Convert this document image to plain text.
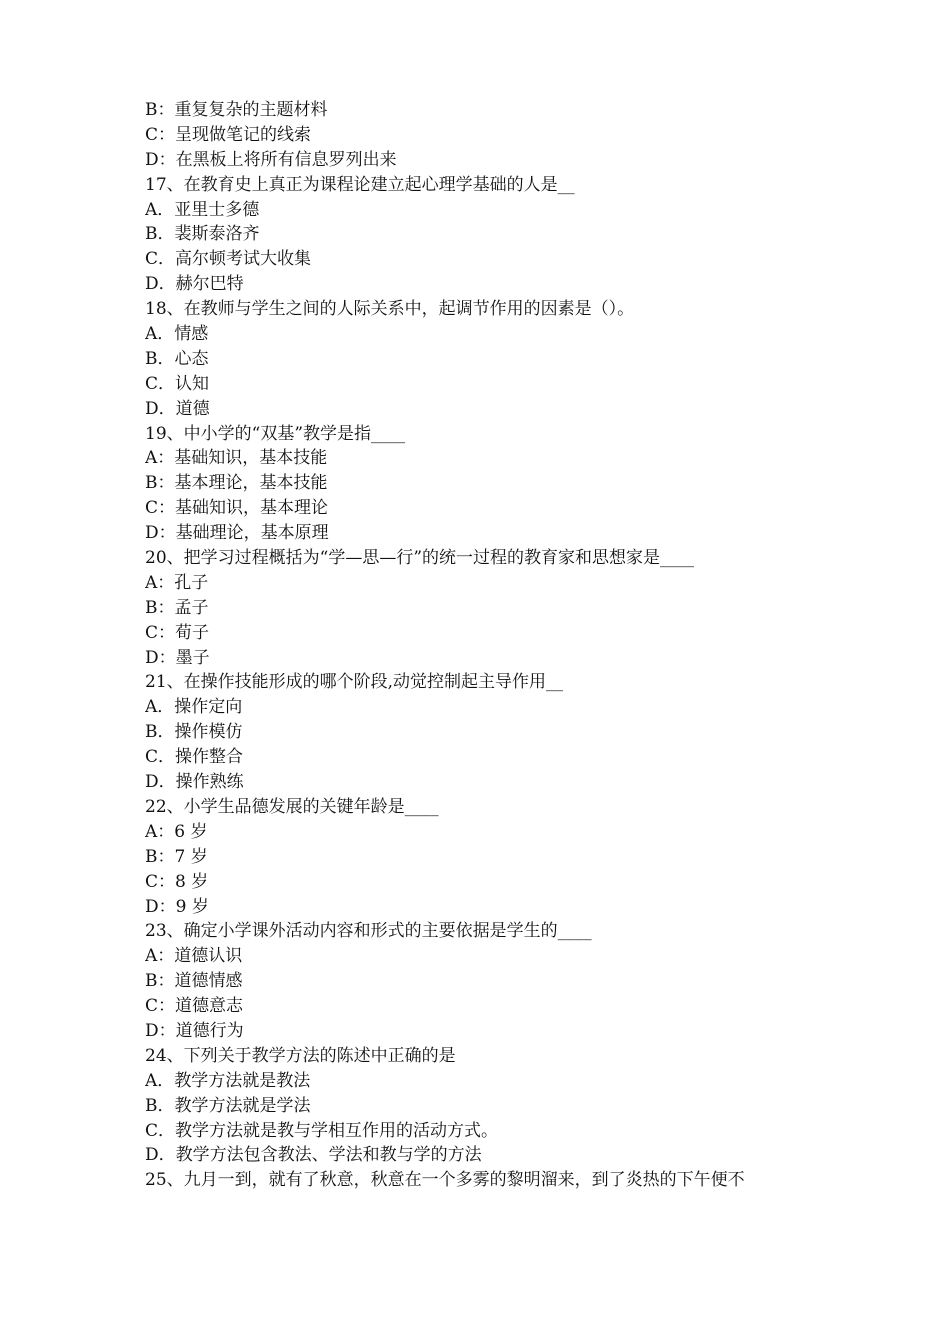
B：重复复杂的主题材料
C：呈现做笔记的线索
D：在黑板上将所有信息罗列出来
17、在教育史上真正为课程论建立起心理学基础的人是__
A．亚里士多德
B．裴斯泰洛齐
C．高尔顿考试大收集
D．赫尔巴特
18、在教师与学生之间的人际关系中，起调节作用的因素是（）。
A．情感
B．心态
C．认知
D．道德
19、中小学的“双基”教学是指____
A：基础知识，基本技能
B：基本理论，基本技能
C：基础知识，基本理论
D：基础理论，基本原理
20、把学习过程概括为“学—思—行”的统一过程的教育家和思想家是____
A：孔子
B：孟子
C：荀子
D：墨子
21、在操作技能形成的哪个阶段,动觉控制起主导作用__
A．操作定向
B．操作模仿
C．操作整合
D．操作熟练
22、小学生品德发展的关键年龄是____
A：6 岁
B：7 岁
C：8 岁
D：9 岁
23、确定小学课外活动内容和形式的主要依据是学生的____
A：道德认识
B：道德情感
C：道德意志
D：道德行为
24、下列关于教学方法的陈述中正确的是
A．教学方法就是教法
B．教学方法就是学法
C．教学方法就是教与学相互作用的活动方式。
D．教学方法包含教法、学法和教与学的方法
25、九月一到，就有了秋意，秋意在一个多雾的黎明溜来，到了炎热的下午便不
